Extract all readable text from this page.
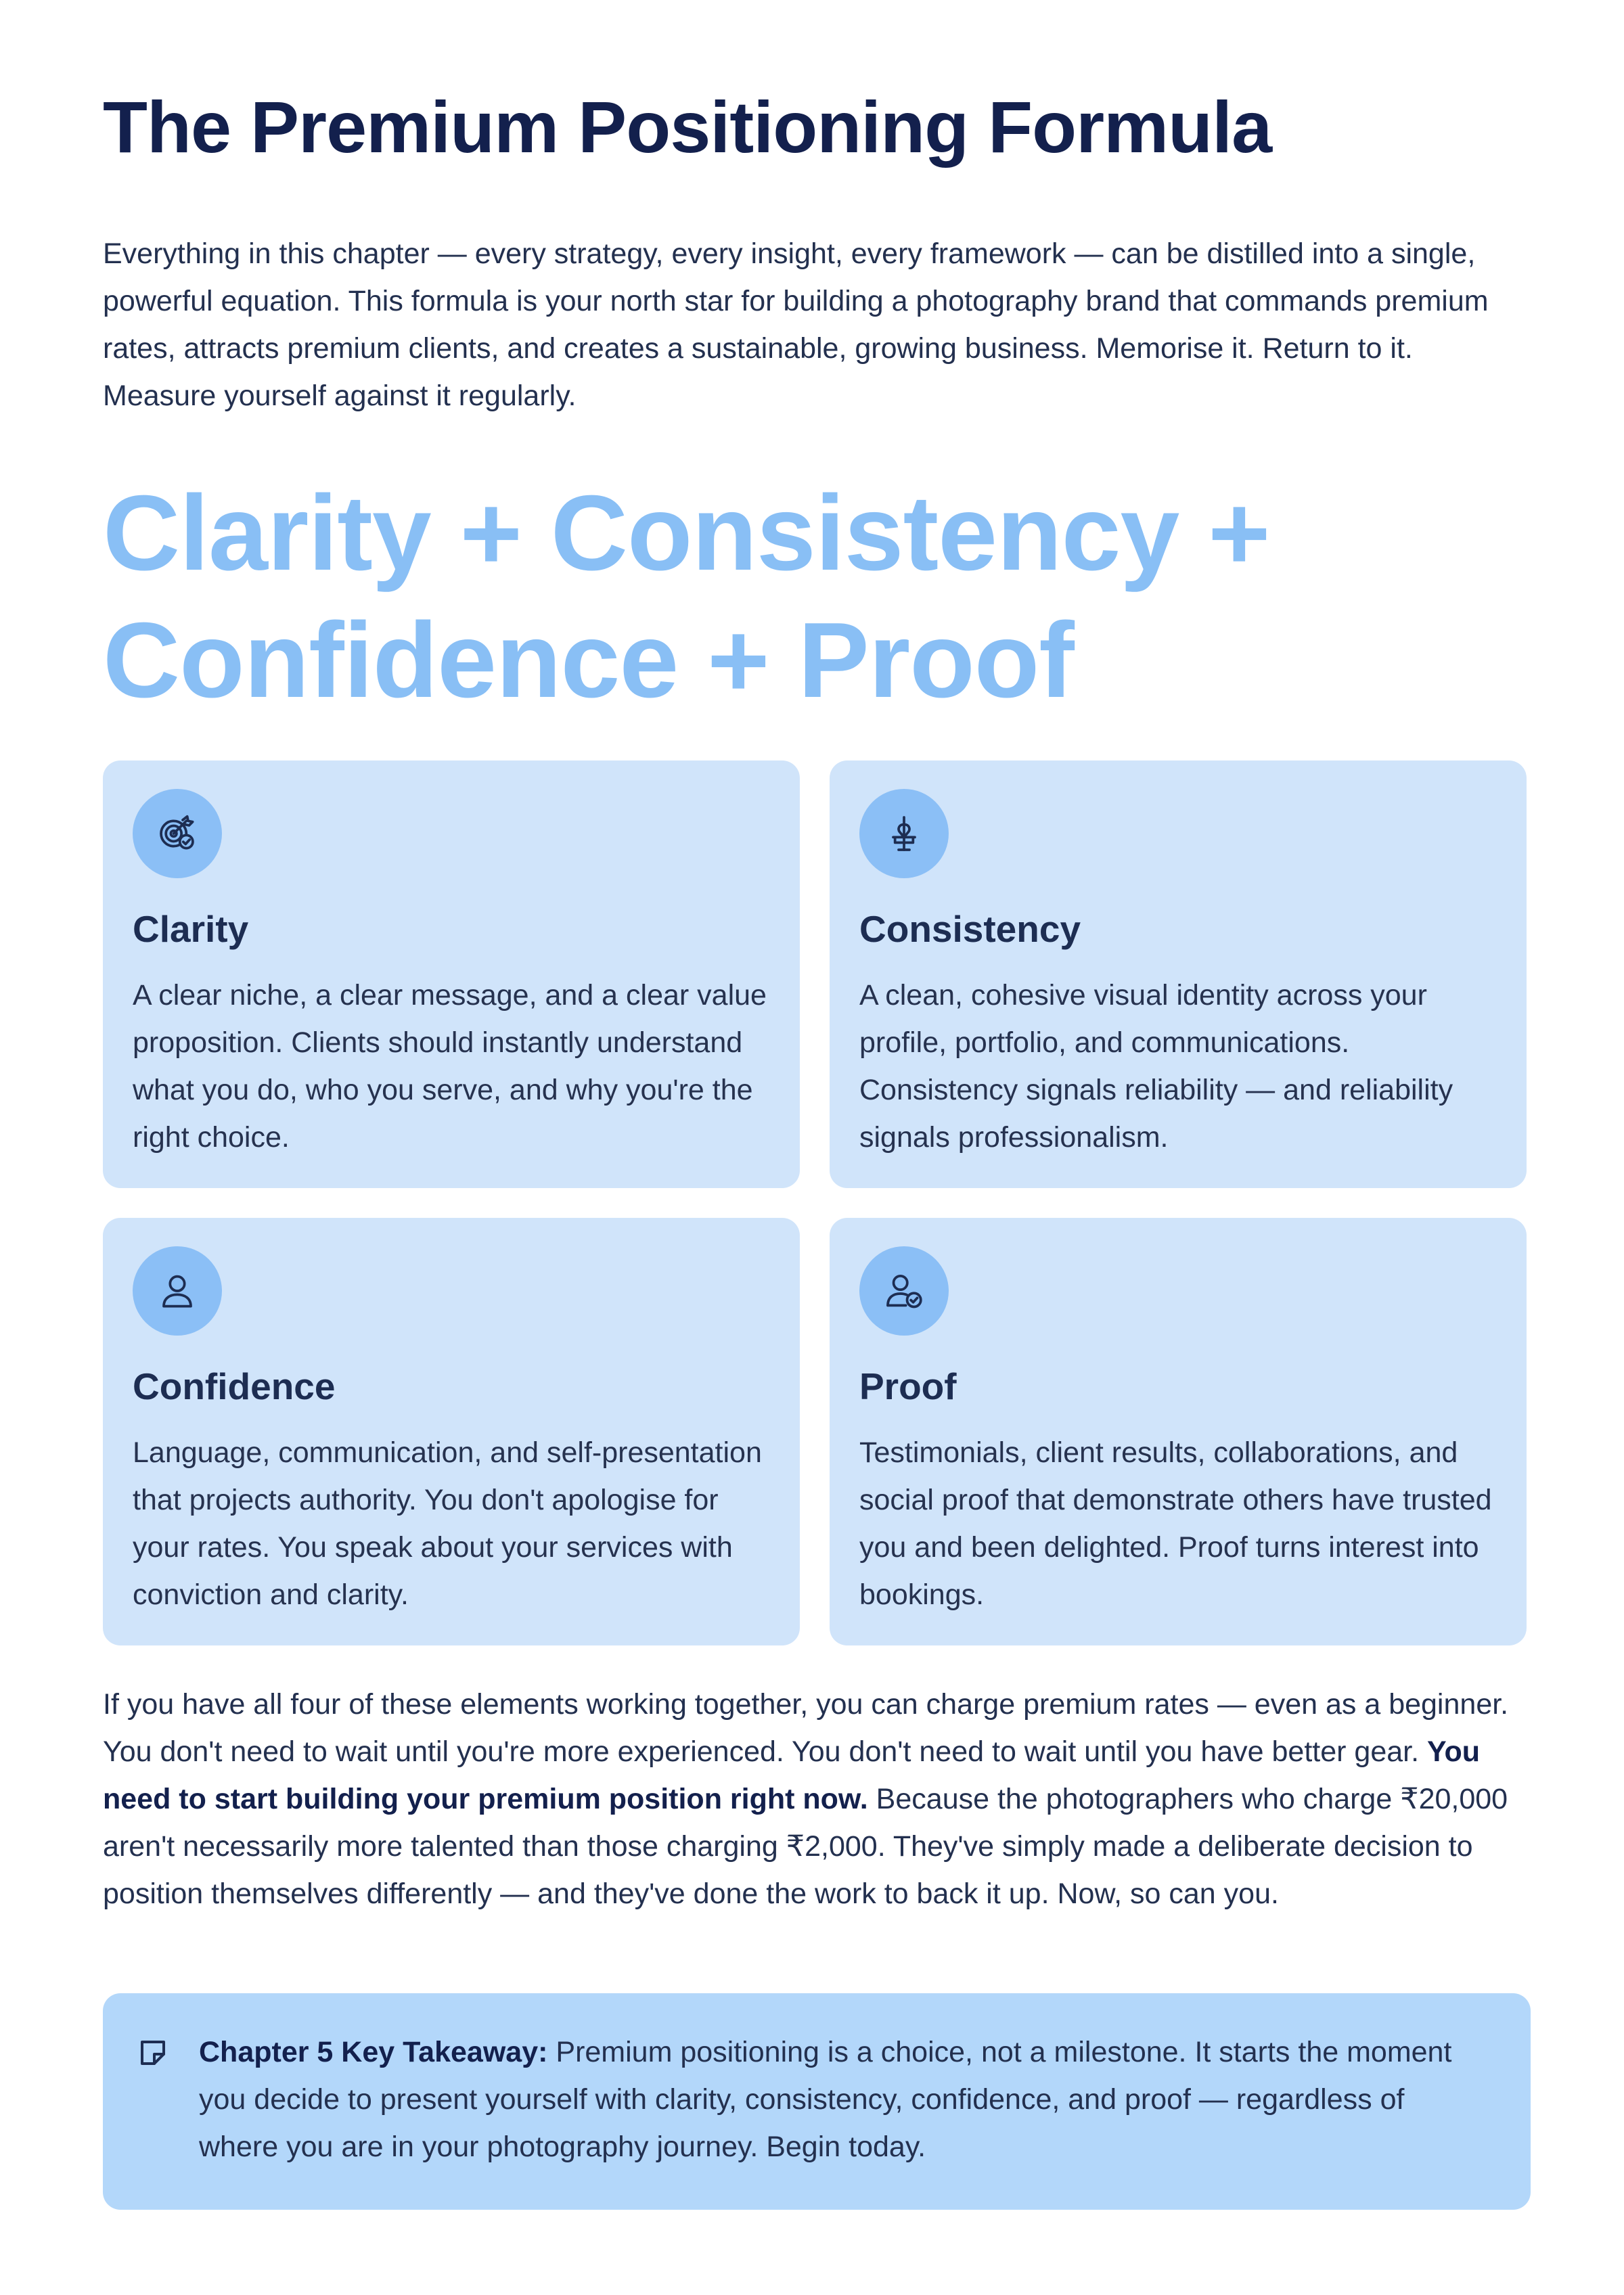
The Premium Positioning Formula

Everything in this chapter — every strategy, every insight, every framework — can be distilled into a single, powerful equation. This formula is your north star for building a photography brand that commands premium rates, attracts premium clients, and creates a sustainable, growing business. Memorise it. Return to it. Measure yourself against it regularly.

Clarity + Consistency + Confidence + Proof
Clarity

A clear niche, a clear message, and a clear value proposition. Clients should instantly understand what you do, who you serve, and why you're the right choice.

Consistency

A clean, cohesive visual identity across your profile, portfolio, and communications. Consistency signals reliability — and reliability signals professionalism.

Confidence

Language, communication, and self-presentation that projects authority. You don't apologise for your rates. You speak about your services with conviction and clarity.

Proof

Testimonials, client results, collaborations, and social proof that demonstrate others have trusted you and been delighted. Proof turns interest into bookings.

If you have all four of these elements working together, you can charge premium rates — even as a beginner. You don't need to wait until you're more experienced. You don't need to wait until you have better gear. You need to start building your premium position right now. Because the photographers who charge ₹20,000 aren't necessarily more talented than those charging ₹2,000. They've simply made a deliberate decision to position themselves differently — and they've done the work to back it up. Now, so can you.

Chapter 5 Key Takeaway: Premium positioning is a choice, not a milestone. It starts the moment you decide to present yourself with clarity, consistency, confidence, and proof — regardless of where you are in your photography journey. Begin today.
